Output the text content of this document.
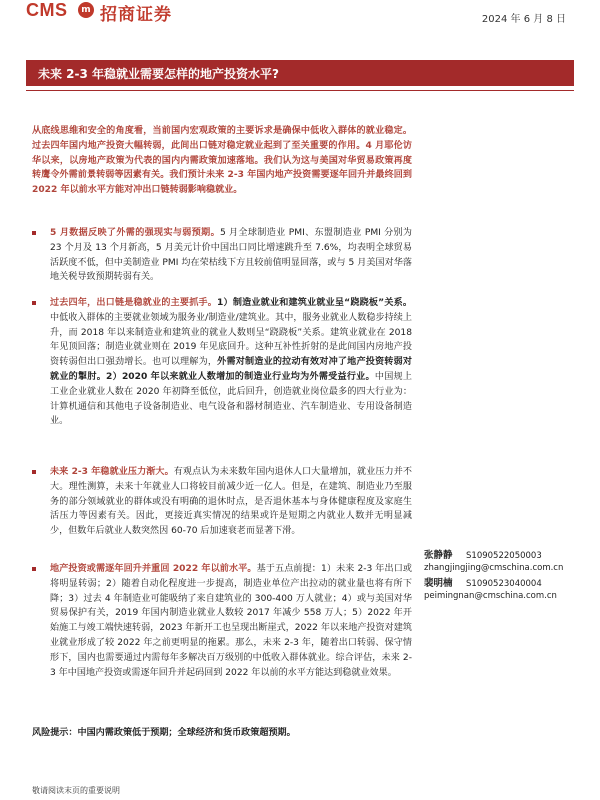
CMS	m 招商证券	2024 年 6 月 8 日
未来 2-3 年稳就业需要怎样的地产投资水平?

从底线思维和安全的角度看，当前国内宏观政策的主要诉求是确保中低收入群体的就业稳定。过去四年国内地产投资大幅转弱，此间出口链对稳定就业起到了至关重要的作用。4 月耶伦访华以来，以房地产政策为代表的国内内需政策加速落地。我们认为这与美国对华贸易政策再度转鹰令外需前景转弱等因素有关。我们预计未来 2-3 年国内地产投资需要逐年回升并最终回到 2022 年以前水平方能对冲出口链转弱影响稳就业。

5 月数据反映了外需的强现实与弱预期。5 月全球制造业 PMI、东盟制造业 PMI 分别为 23 个月及 13 个月新高，5 月美元计价中国出口同比增速跳升至 7.6%，均表明全球贸易活跃度不低，但中美制造业 PMI 均在荣枯线下方且较前值明显回落，或与 5 月美国对华落地关税导致预期转弱有关。

过去四年，出口链是稳就业的主要抓手。1）制造业就业和建筑业就业呈“跷跷板”关系。中低收入群体的主要就业领域为服务业/制造业/建筑业。其中，服务业就业人数稳步持续上升，而 2018 年以来制造业和建筑业的就业人数则呈“跷跷板”关系。建筑业就业在 2018 年见顶回落；制造业就业则在 2019 年见底回升。这种互补性折射的是此间国内房地产投资转弱但出口强劲增长。也可以理解为，外需对制造业的拉动有效对冲了地产投资转弱对就业的掣肘。2）2020 年以来就业人数增加的制造业行业均为外需受益行业。中国规上工业企业就业人数在 2020 年初降至低位，此后回升，创造就业岗位最多的四大行业为：计算机通信和其他电子设备制造业、电气设备和器材制造业、汽车制造业、专用设备制造业。

未来 2-3 年稳就业压力渐大。有观点认为未来数年国内退休人口大量增加，就业压力并不大。理性测算，未来十年就业人口将较目前减少近一亿人。但是，在建筑、制造业乃至服务的部分领域就业的群体或没有明确的退休时点，是否退休基本与身体健康程度及家庭生活压力等因素有关。因此，更接近真实情况的结果或许是短期之内就业人数并无明显减少，但数年后就业人数突然因 60-70 后加速衰老而显著下滑。

地产投资或需逐年回升并重回 2022 年以前水平。基于五点前提：1）未来 2-3 年出口或将明显转弱；2）随着自动化程度进一步提高，制造业单位产出拉动的就业量也将有所下降；3）过去 4 年制造业可能吸纳了来自建筑业的 300-400 万人就业；4）或与美国对华贸易保护有关，2019 年国内制造业就业人数较 2017 年减少 558 万人；5）2022 年开始施工与竣工端快速转弱，2023 年新开工也呈现出断崖式，2022 年以来地产投资对建筑业就业形成了较 2022 年之前更明显的拖累。那么，未来 2-3 年，随着出口转弱、保守情形下，国内也需要通过内需每年多解决百万级别的中低收入群体就业。综合评估，未来 2-3 年中国地产投资或需逐年回升并起码回到 2022 年以前的水平方能达到稳就业效果。

风险提示：中国内需政策低于预期；全球经济和货币政策超预期。

张静静 S1090522050003
zhangjingjing@cmschina.com.cn
裴明楠 S1090523040004
peimingnan@cmschina.com.cn
敬请阅读末页的重要说明
